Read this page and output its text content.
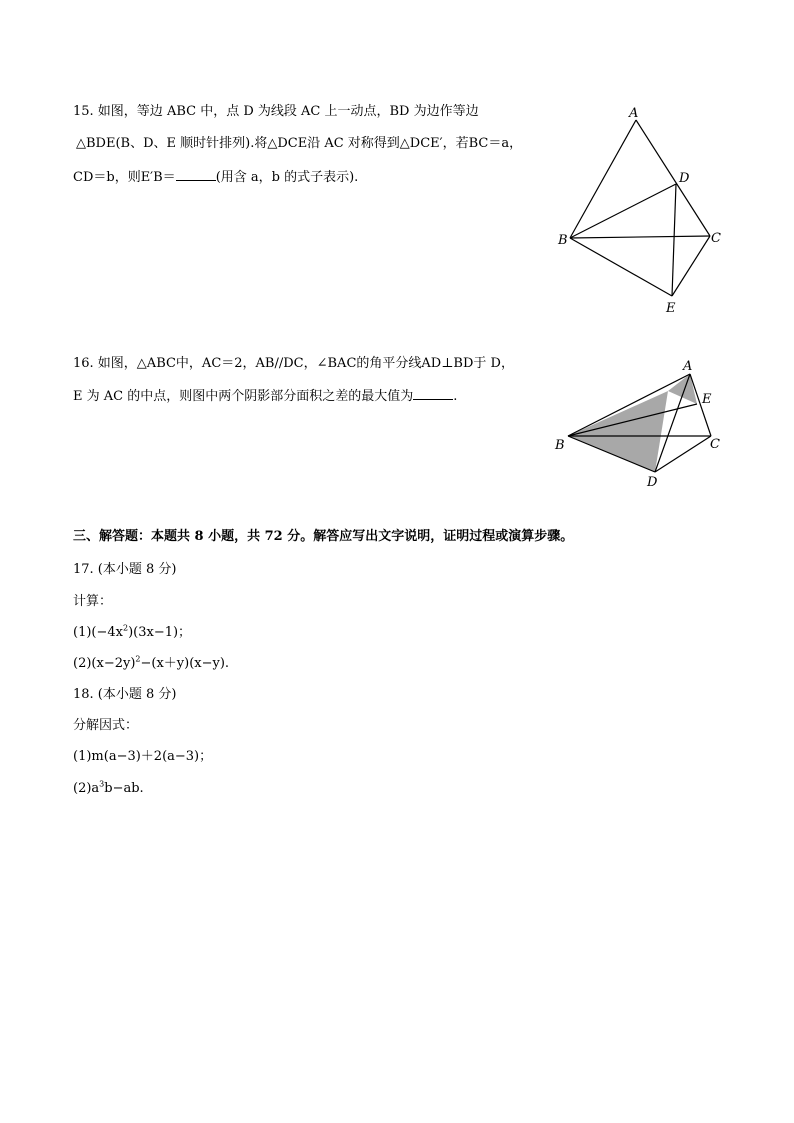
15. 如图，等边 ABC 中，点 D 为线段 AC 上一动点，BD 为边作等边
△BDE(B、D、E 顺时针排列).将△DCE沿 AC 对称得到△DCE′，若BC＝a，
CD＝b，则E′B＝	(用含 a，b 的式子表示).
A
B	C
D
E
16. 如图，△ABC中，AC＝2，AB//DC，∠BAC的角平分线AD⊥BD于 D，
E 为 AC 的中点，则图中两个阴影部分面积之差的最大值为	.
A
B	C
D
E
三、解答题：本题共 8 小题，共 72 分。解答应写出文字说明，证明过程或演算步骤。
17. (本小题 8 分)
计算：
$(1)(-4x^2)(3x-1)$；
$(2)(x-2y)^2-(x+y)(x-y)$.
18. (本小题 8 分)
分解因式：
(1)m(a−3)＋2(a−3)；
$(2)a^3b-ab$.
